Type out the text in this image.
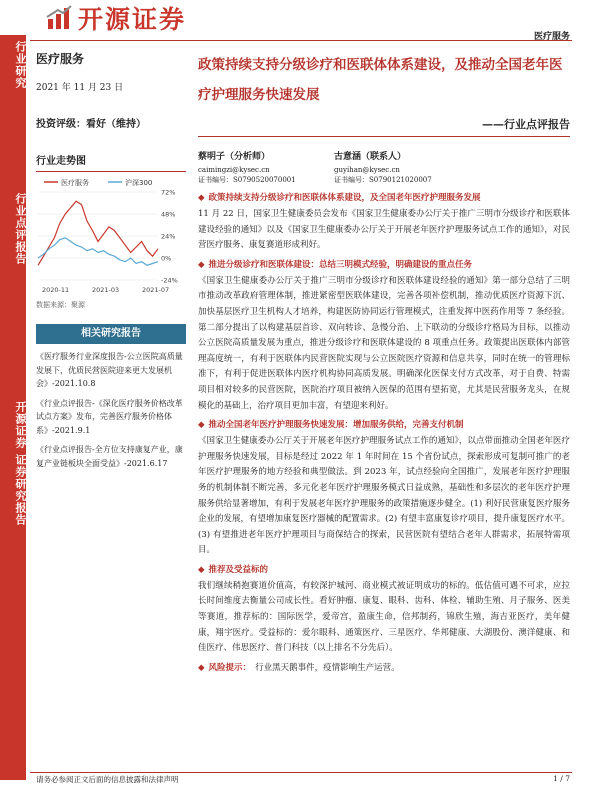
开源证券
医疗服务
行业研究
行业点评报告
开源证券 证券研究报告
医疗服务
2021 年 11 月 23 日
投资评级：看好（维持）
行业走势图
医疗服务	沪深300
72%
48%
24%
0%
-24%
2020-11	2021-03	2021-07
数据来源：聚源
相关研究报告
《医疗服务行业深度报告-公立医院高质量发展下，优质民营医院迎来更大发展机会》-2021.10.8
《行业点评报告-《深化医疗服务价格改革试点方案》发布，完善医疗服务价格体系》-2021.9.1
《行业点评报告-全方位支持康复产业，康复产业链板块全面受益》-2021.6.17
政策持续支持分级诊疗和医联体体系建设，及推动全国老年医疗护理服务快速发展
——行业点评报告
蔡明子（分析师）
caimingzi@kysec.cn
证书编号：S0790520070001
古意涵（联系人）
guyihan@kysec.cn
证书编号：S0790121020007
◆ 政策持续支持分级诊疗和医联体体系建设，及全国老年医疗护理服务发展
11 月 22 日，国家卫生健康委员会发布《国家卫生健康委办公厅关于推广三明市分级诊疗和医联体建设经验的通知》以及《国家卫生健康委办公厅关于开展老年医疗护理服务试点工作的通知》，对民营医疗服务、康复赛道形成利好。
◆ 推进分级诊疗和医联体建设：总结三明模式经验，明确建设的重点任务
《国家卫生健康委办公厅关于推广三明市分级诊疗和医联体建设经验的通知》第一部分总结了三明市推动改革政府管理体制，推进紧密型医联体建设，完善各项补偿机制，推动优质医疗资源下沉、加快基层医疗卫生机构人才培养，构建医防协同运行管理模式，注重发挥中医药作用等 7 条经验。第二部分提出了以构建基层首诊、双向转诊、急慢分治、上下联动的分级诊疗格局为目标，以推动公立医院高质量发展为重点，推进分级诊疗和医联体建设的 8 项重点任务。政策提出医联体内部管理高度统一，有利于医联体内民营医院实现与公立医院医疗资源和信息共享，同时在统一的管理标准下，有利于促进医联体内医疗机构协同高质发展。明确深化医保支付方式改革，对于自费、特需项目相对较多的民营医院，医院治疗项目被纳入医保的范围有望拓宽，尤其是民营服务龙头，在规模化的基础上，治疗项目更加丰富，有望迎来利好。
◆ 推动全国老年医疗护理服务快速发展：增加服务供给，完善支付机制
《国家卫生健康委办公厅关于开展老年医疗护理服务试点工作的通知》，以点带面推动全国老年医疗护理服务快速发展，目标是经过 2022 年 1 年时间在 15 个省份试点，探索形成可复制可推广的老年医疗护理服务的地方经验和典型做法。到 2023 年，试点经验向全国推广，发展老年医疗护理服务的机制体制不断完善，多元化老年医疗护理服务模式日益成熟，基础性和多层次的老年医疗护理服务供给显著增加，有利于发展老年医疗护理服务的政策措施逐步健全。(1) 利好民营康复医疗服务企业的发展，有望增加康复医疗器械的配置需求。(2) 有望丰富康复诊疗项目，提升康复医疗水平。(3) 有望推进老年医疗护理项目与商保结合的探索，民营医院有望结合老年人群需求，拓展特需项目。
◆ 推荐及受益标的
我们继续稍抱赛道价值高，有较深护城河、商业模式被证明成功的标的。低估值可遇不可求，应拉长时间维度去衡量公司成长性。看好肿瘤、康复、眼科、齿科、体检、辅助生殖、月子服务、医美等赛道，推荐标的：国际医学，爱帝宫，盈康生命，信邦制药，锦欣生殖，海吉亚医疗，美年健康，翔宇医疗。受益标的：爱尔眼科、通策医疗、三星医疗、华邦健康、大湖股份、澳洋健康、和佳医疗、伟思医疗、普门科技（以上排名不分先后）。
◆ 风险提示： 行业黑天鹅事件，疫情影响生产运营。
请务必参阅正文后面的信息披露和法律声明	1 / 7
